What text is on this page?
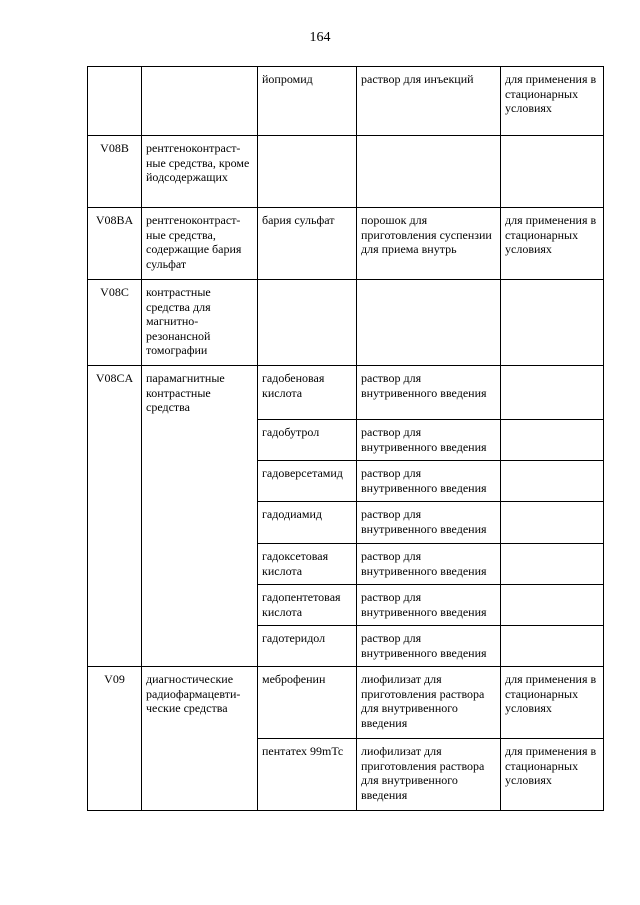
164
		йопромид	раствор для инъекций	для применения в стационарных условиях
V08B	рентгеноконтраст-ные средства, кроме йодсодержащих			
V08BA	рентгеноконтраст-ные средства, содержащие бария сульфат	бария сульфат	порошок для приготовления суспензии для приема внутрь	для применения в стационарных условиях
V08C	контрастные средства для магнитно-резонансной томографии			
V08CA	парамагнитные контрастные средства	гадобеновая кислота	раствор для внутривенного введения	
		гадобутрол	раствор для внутривенного введения	
		гадоверсетамид	раствор для внутривенного введения	
		гадодиамид	раствор для внутривенного введения	
		гадоксетовая кислота	раствор для внутривенного введения	
		гадопентетовая кислота	раствор для внутривенного введения	
		гадотеридол	раствор для внутривенного введения	
V09	диагностические радиофармацевти-ческие средства	меброфенин	лиофилизат для приготовления раствора для внутривенного введения	для применения в стационарных условиях
		пентатех 99mTc	лиофилизат для приготовления раствора для внутривенного введения	для применения в стационарных условиях
